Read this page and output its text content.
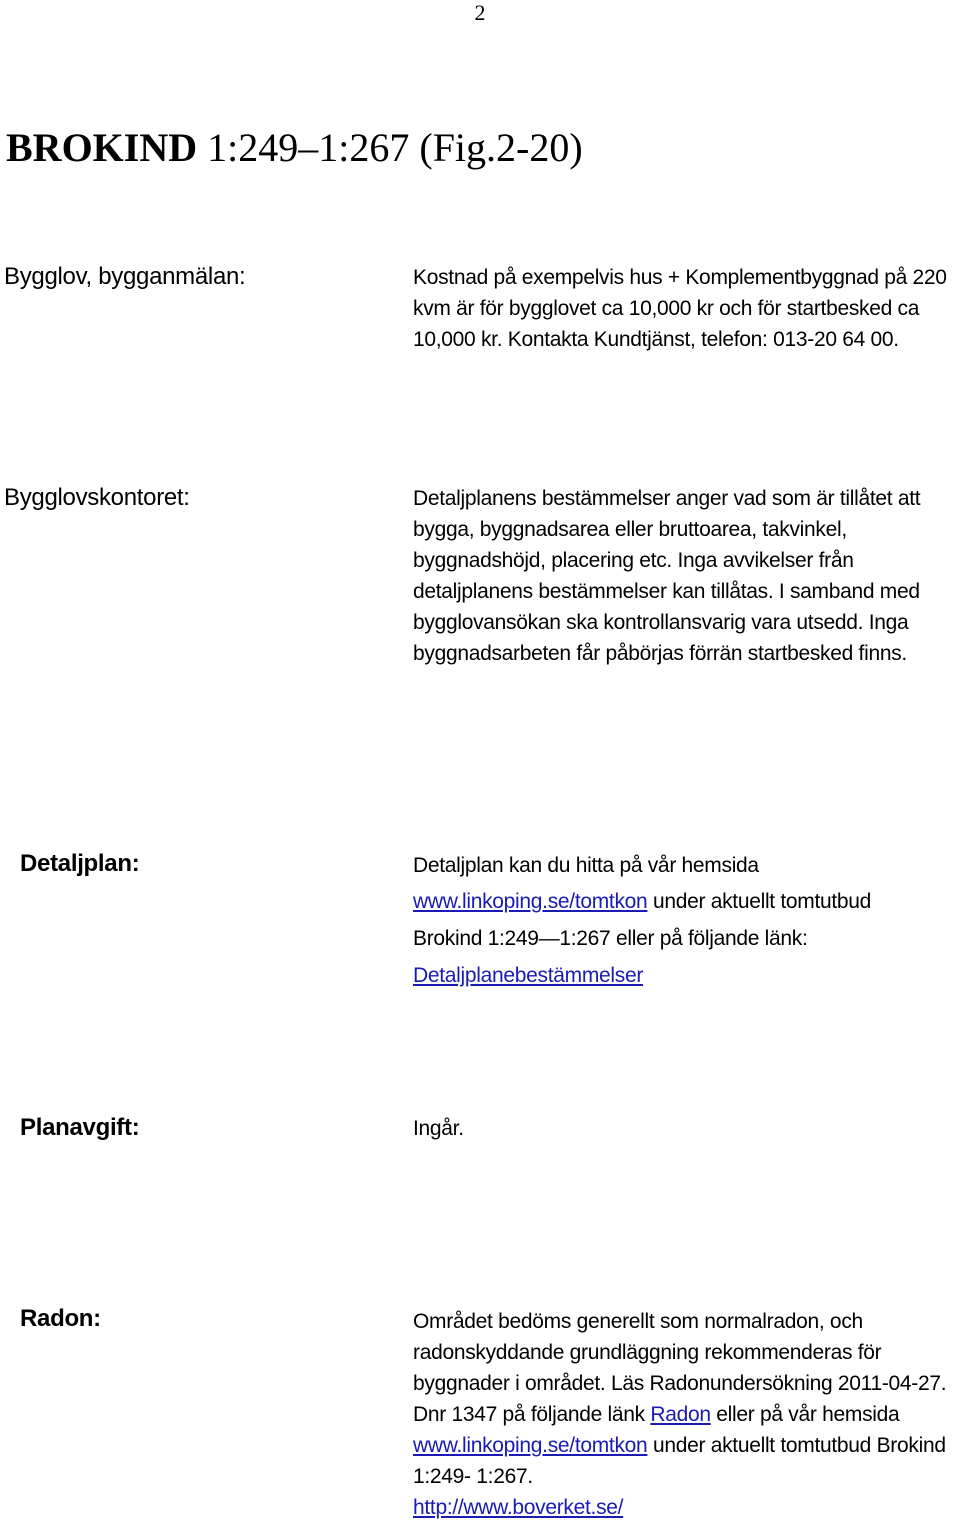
2
BROKIND 1:249–1:267 (Fig.2-20)
Bygglov, bygganmälan:	Kostnad på exempelvis hus + Komplementbyggnad på 220 kvm är för bygglovet ca 10,000 kr och för startbesked ca 10,000 kr. Kontakta Kundtjänst, telefon: 013-20 64 00.

Bygglovskontoret:	Detaljplanens bestämmelser anger vad som är tillåtet att bygga, byggnadsarea eller bruttoarea, takvinkel, byggnadshöjd, placering etc. Inga avvikelser från detaljplanens bestämmelser kan tillåtas. I samband med bygglovansökan ska kontrollansvarig vara utsedd. Inga byggnadsarbeten får påbörjas förrän startbesked finns.

Detaljplan:	Detaljplan kan du hitta på vår hemsida

www.linkoping.se/tomtkon under aktuellt tomtutbud

Brokind 1:249—1:267 eller på följande länk:

Detaljplanebestämmelser

Planavgift:	Ingår.
Radon:	Området bedöms generellt som normalradon, och radonskyddande grundläggning rekommenderas för byggnader i området. Läs Radonundersökning 2011-04-27. Dnr 1347 på följande länk Radon eller på vår hemsida www.linkoping.se/tomtkon under aktuellt tomtutbud Brokind 1:249- 1:267.
http://www.boverket.se/
